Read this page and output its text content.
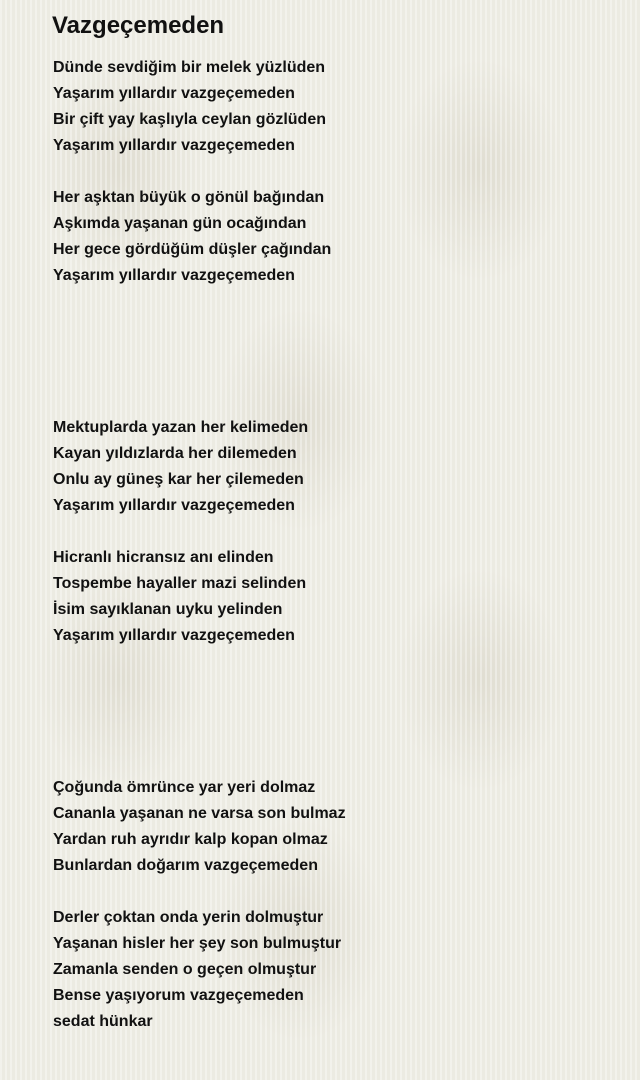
Vazgeçemeden
Dünde sevdiğim bir melek yüzlüden
Yaşarım yıllardır vazgeçemeden
Bir çift yay kaşlıyla ceylan gözlüden
Yaşarım yıllardır vazgeçemeden
Her aşktan büyük o gönül bağından
Aşkımda yaşanan gün ocağından
Her gece gördüğüm düşler çağından
Yaşarım yıllardır vazgeçemeden
Mektuplarda yazan her kelimeden
Kayan yıldızlarda her dilemeden
Onlu ay güneş kar her çilemeden
Yaşarım yıllardır vazgeçemeden
Hicranlı hicransız anı elinden
Tospembe hayaller mazi selinden
İsim sayıklanan uyku yelinden
Yaşarım yıllardır vazgeçemeden
Çoğunda ömrünce yar yeri dolmaz
Cananla yaşanan ne varsa son bulmaz
Yardan ruh ayrıdır kalp kopan olmaz
Bunlardan doğarım vazgeçemeden
Derler çoktan onda yerin dolmuştur
Yaşanan hisler her şey son bulmuştur
Zamanla senden o geçen olmuştur
Bense yaşıyorum vazgeçemeden
sedat hünkar
